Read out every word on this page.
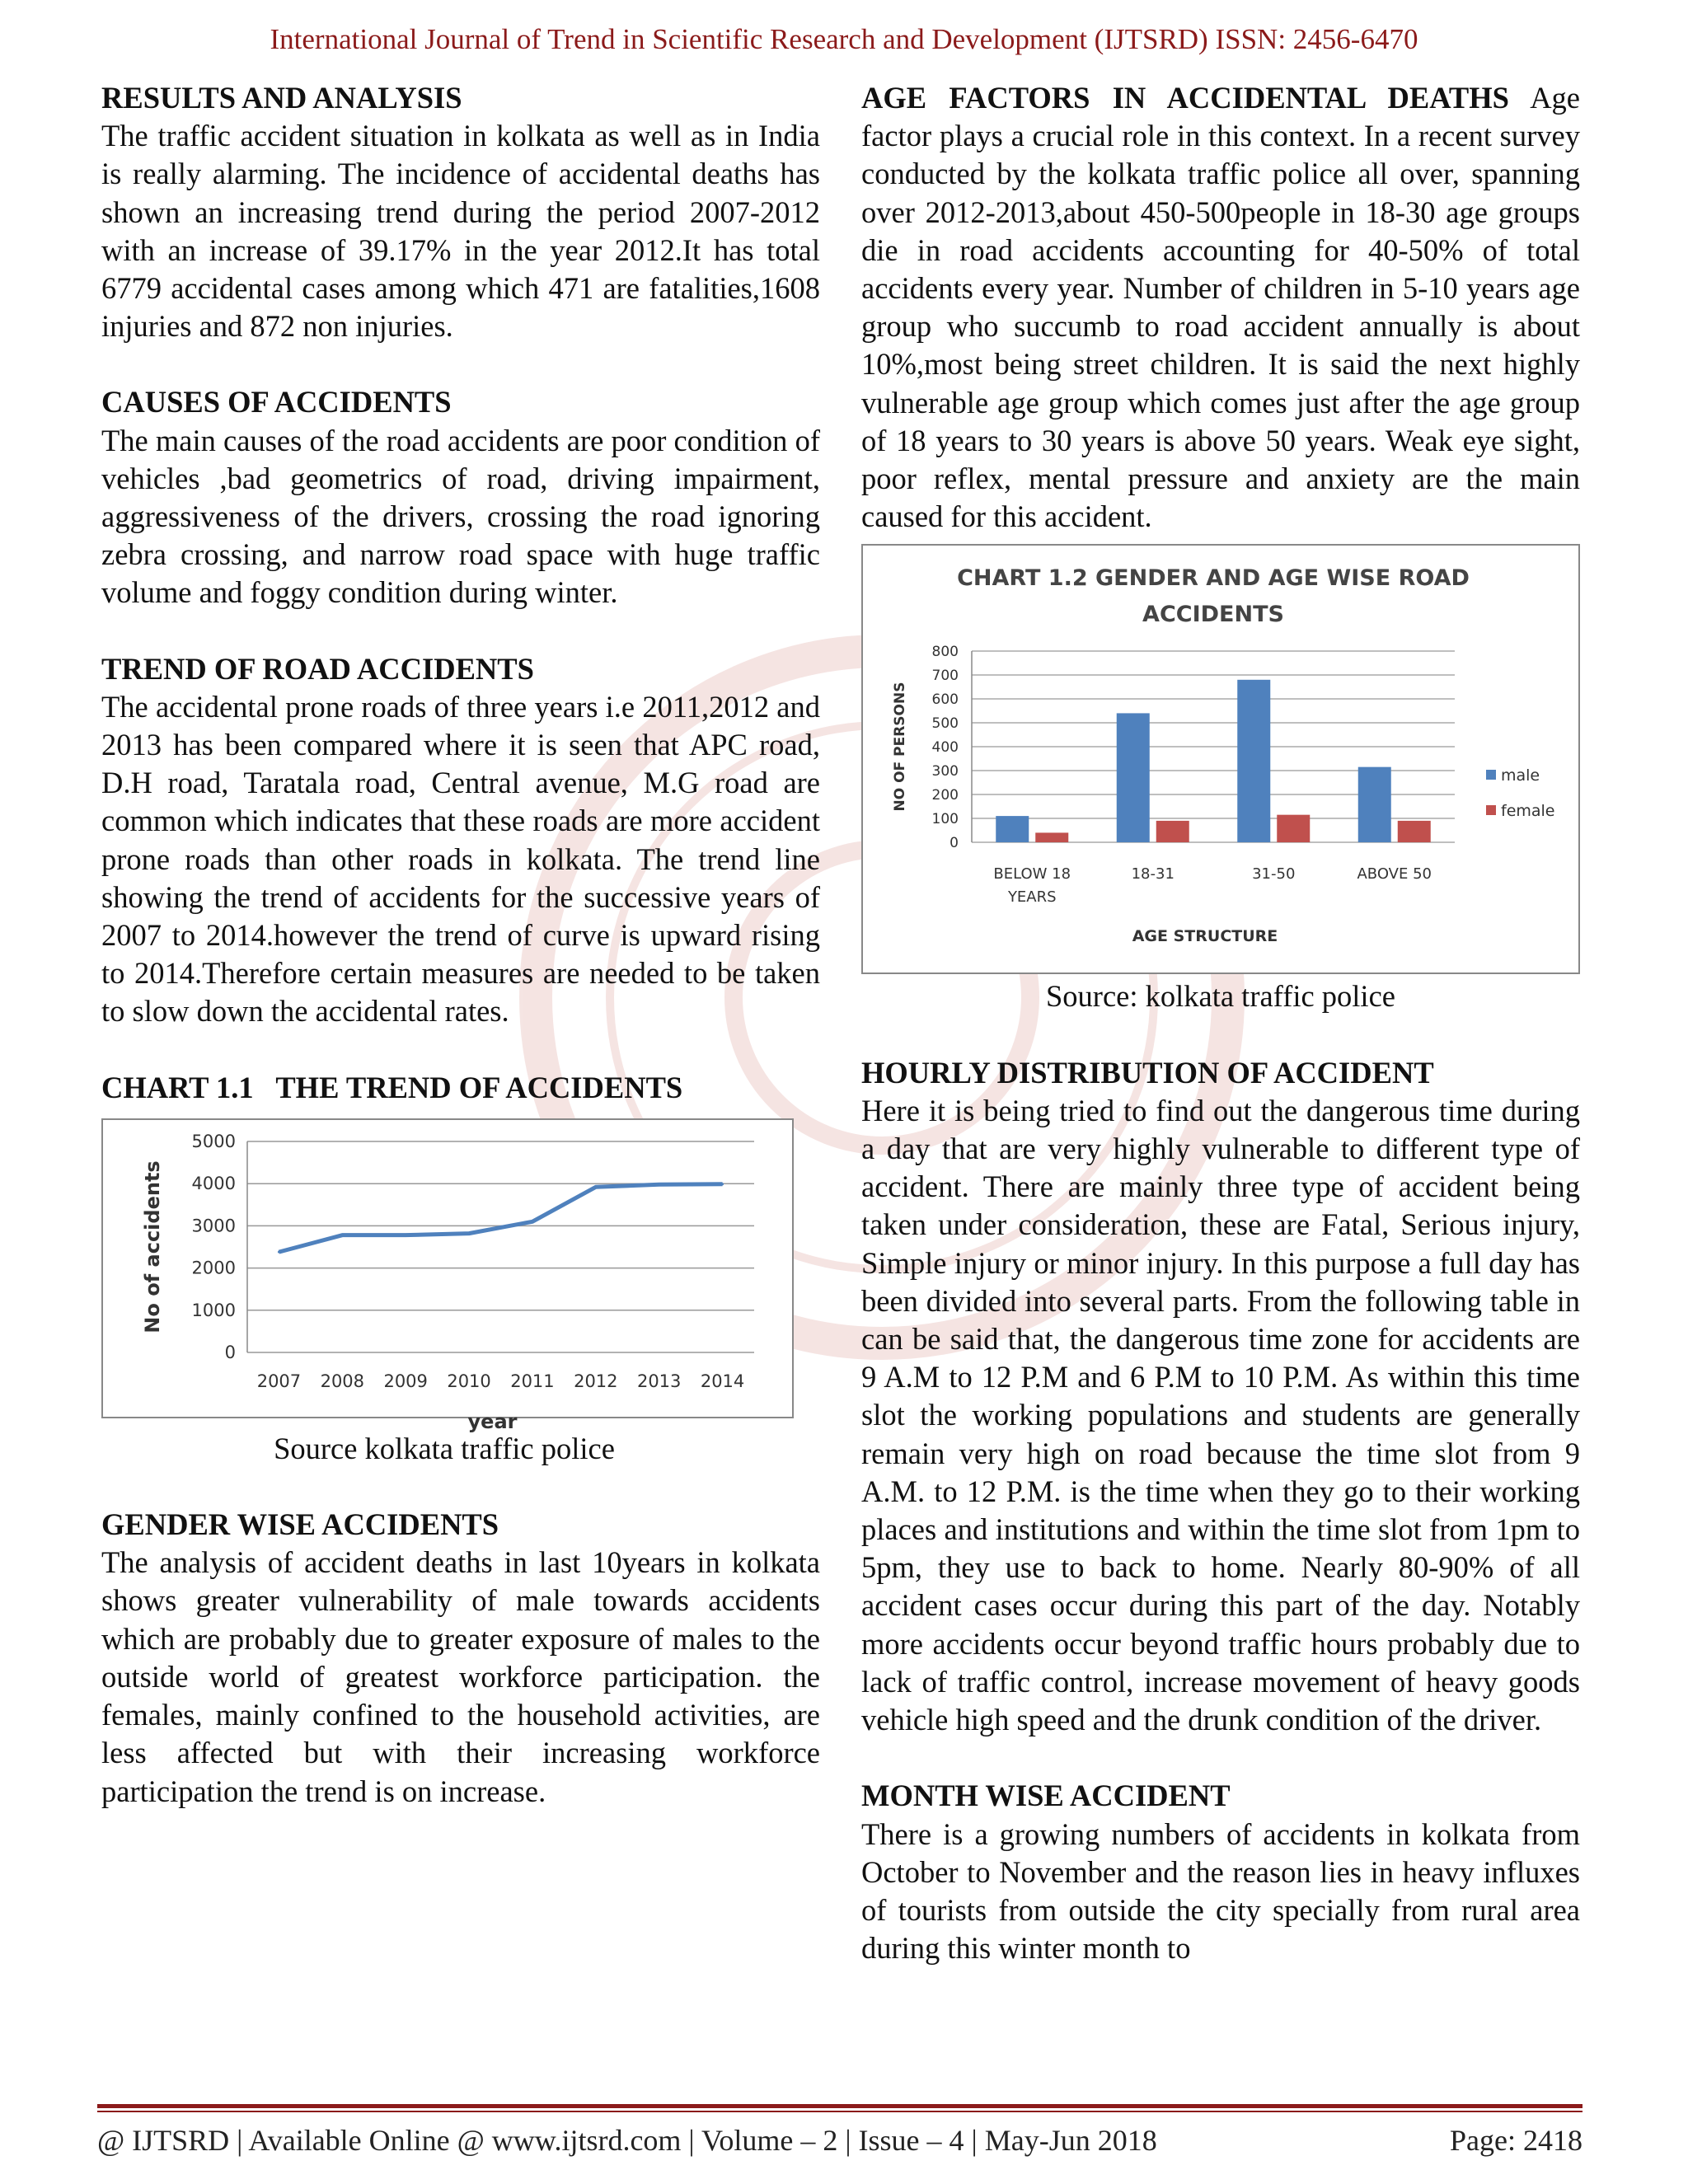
International Journal of Trend in Scientific Research and Development (IJTSRD) ISSN: 2456-6470
RESULTS AND ANALYSIS

The traffic accident situation in kolkata as well as in India is really alarming. The incidence of accidental deaths has shown an increasing trend during the period 2007-2012 with an increase of 39.17% in the year 2012.It has total 6779 accidental cases among which 471 are fatalities,1608 injuries and 872 non injuries.

CAUSES OF ACCIDENTS

The main causes of the road accidents are poor condition of vehicles ,bad geometrics of road, driving impairment, aggressiveness of the drivers, crossing the road ignoring zebra crossing, and narrow road space with huge traffic volume and foggy condition during winter.

TREND OF ROAD ACCIDENTS

The accidental prone roads of three years i.e 2011,2012 and 2013 has been compared where it is seen that APC road, D.H road, Taratala road, Central avenue, M.G road are common which indicates that these roads are more accident prone roads than other roads in kolkata. The trend line showing the trend of accidents for the successive years of 2007 to 2014.however the trend of curve is upward rising to 2014.Therefore certain measures are needed to be taken to slow down the accidental rates.

CHART 1.1   THE TREND OF ACCIDENTS
0
1000
2000
3000
4000
5000
2007 2008 2009 2010 2011 2012 2013 2014
year
No of accidents

Source kolkata traffic police

GENDER WISE ACCIDENTS

The analysis of accident deaths in last 10years in kolkata shows greater vulnerability of male towards accidents which are probably due to greater exposure of males to the outside world of greatest workforce participation. the females, mainly confined to the household activities, are less affected but with their increasing workforce participation the trend is on increase.

AGE FACTORS IN ACCIDENTAL DEATHS Age factor plays a crucial role in this context. In a recent survey conducted by the kolkata traffic police all over, spanning over 2012-2013,about 450-500people in 18-30 age groups die in road accidents accounting for 40-50% of total accidents every year. Number of children in 5-10 years age group who succumb to road accident annually is about 10%,most being street children. It is said the next highly vulnerable age group which comes just after the age group of 18 years to 30 years is above 50 years. Weak eye sight, poor reflex, mental pressure and anxiety are the main caused for this accident.

CHART 1.2 GENDER AND AGE WISE ROAD
ACCIDENTS
0
100
200
300
400
500
600
700
800
BELOW 18
YEARS
18-31	31-50	ABOVE 50
AGE STRUCTURE
NO OF PERSONS	male
female

Source: kolkata traffic police

HOURLY DISTRIBUTION OF ACCIDENT

Here it is being tried to find out the dangerous time during a day that are very highly vulnerable to different type of accident. There are mainly three type of accident being taken under consideration, these are Fatal, Serious injury, Simple injury or minor injury. In this purpose a full day has been divided into several parts. From the following table in can be said that, the dangerous time zone for accidents are 9 A.M to 12 P.M and 6 P.M to 10 P.M. As within this time slot the working populations and students are generally remain very high on road because the time slot from 9 A.M. to 12 P.M. is the time when they go to their working places and institutions and within the time slot from 1pm to 5pm, they use to back to home. Nearly 80-90% of all accident cases occur during this part of the day. Notably more accidents occur beyond traffic hours probably due to lack of traffic control, increase movement of heavy goods vehicle high speed and the drunk condition of the driver.

MONTH WISE ACCIDENT

There is a growing numbers of accidents in kolkata from October to November and the reason lies in heavy influxes of tourists from outside the city specially from rural area during this winter month to

@ IJTSRD | Available Online @ www.ijtsrd.com | Volume – 2 | Issue – 4 | May-Jun 2018	Page: 2418
